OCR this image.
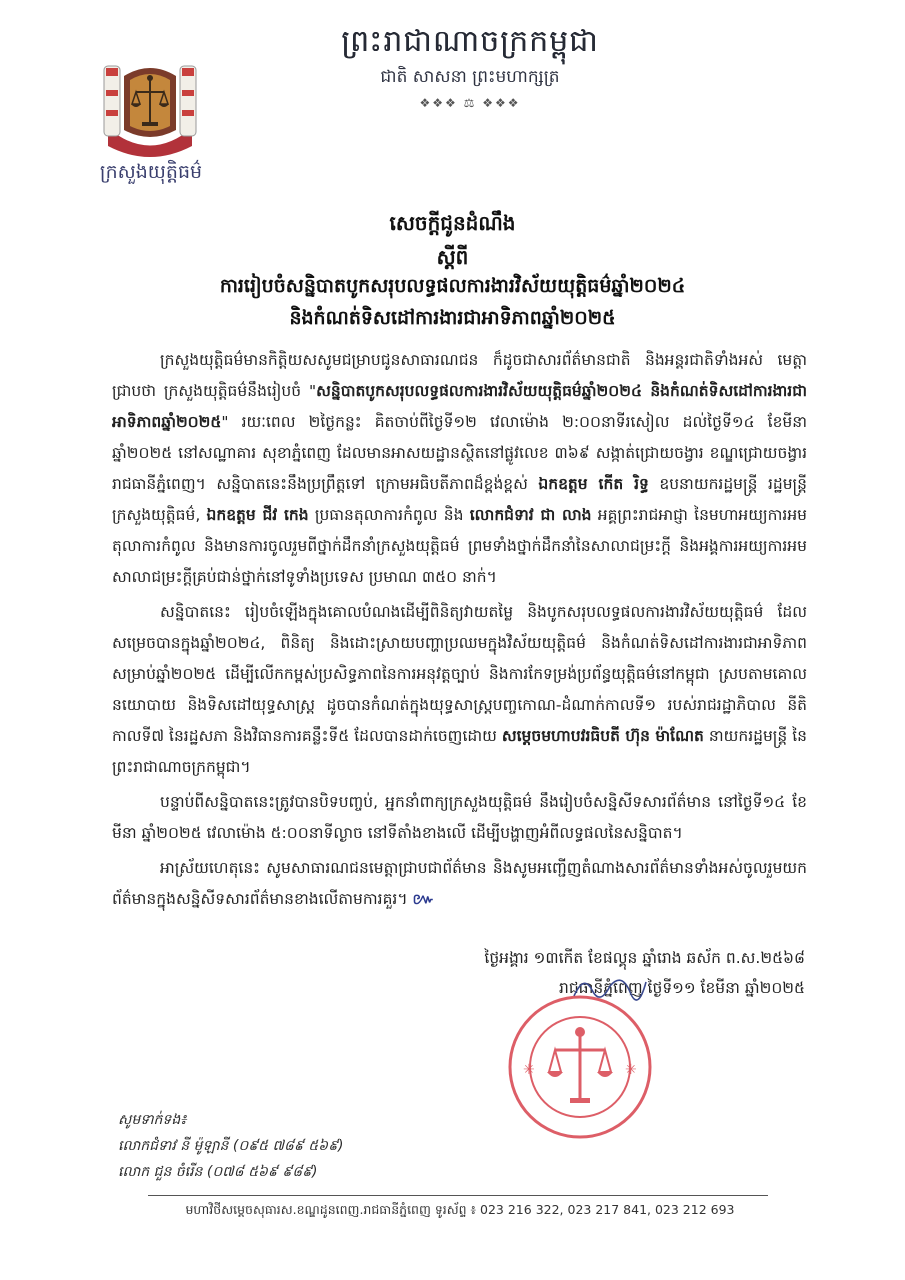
ព្រះរាជាណាចក្រកម្ពុជា
ជាតិ សាសនា ព្រះមហាក្សត្រ
❖❖❖ ⚖ ❖❖❖
ក្រសួងយុត្តិធម៌
សេចក្តីជូនដំណឹង
ស្តីពី
ការរៀបចំសន្និបាតបូកសរុបលទ្ធផលការងារវិស័យយុត្តិធម៌ឆ្នាំ២០២៤
និងកំណត់ទិសដៅការងារជាអាទិភាពឆ្នាំ២០២៥

ក្រសួងយុត្តិធម៌មានកិត្តិយសសូមជម្រាបជូនសាធារណជន ក៏ដូចជាសារព័ត៌មានជាតិ និងអន្តរជាតិទាំងអស់ មេត្តាជ្រាបថា ក្រសួងយុត្តិធម៌នឹងរៀបចំ "សន្និបាតបូកសរុបលទ្ធផលការងារវិស័យយុត្តិធម៌ឆ្នាំ២០២៤ និងកំណត់ទិសដៅការងារជាអាទិភាពឆ្នាំ២០២៥" រយៈពេល ២ថ្ងៃកន្លះ គិតចាប់ពីថ្ងៃទី១២ វេលាម៉ោង ២:០០នាទីរសៀល ដល់ថ្ងៃទី១៤ ខែមីនា ឆ្នាំ២០២៥ នៅសណ្ឋាគារ សុខាភ្នំពេញ ដែលមានអាសយដ្ឋានស្ថិតនៅផ្លូវលេខ ៣៦៩ សង្កាត់ជ្រោយចង្វារ ខណ្ឌជ្រោយចង្វារ រាជធានីភ្នំពេញ។ សន្និបាតនេះនឹងប្រព្រឹត្តទៅ ក្រោមអធិបតីភាពដ៏ខ្ពង់ខ្ពស់ ឯកឧត្តម កើត រិទ្ធ ឧបនាយករដ្ឋមន្ត្រី រដ្ឋមន្ត្រីក្រសួងយុត្តិធម៌, ឯកឧត្តម ជីវ កេង ប្រធានតុលាការកំពូល និង លោកជំទាវ ជា លាង អគ្គព្រះរាជអាជ្ញា នៃមហាអយ្យការអមតុលាការកំពូល និងមានការចូលរួមពីថ្នាក់ដឹកនាំក្រសួងយុត្តិធម៌ ព្រមទាំងថ្នាក់ដឹកនាំនៃសាលាជម្រះក្តី និងអង្គការអយ្យការអមសាលាជម្រះក្តីគ្រប់ជាន់ថ្នាក់នៅទូទាំងប្រទេស ប្រមាណ ៣៥០ នាក់។

សន្និបាតនេះ រៀបចំឡើងក្នុងគោលបំណងដើម្បីពិនិត្យវាយតម្លៃ និងបូកសរុបលទ្ធផលការងារវិស័យយុត្តិធម៌ ដែលសម្រេចបានក្នុងឆ្នាំ២០២៤, ពិនិត្យ និងដោះស្រាយបញ្ហាប្រឈមក្នុងវិស័យយុត្តិធម៌ និងកំណត់ទិសដៅការងារជាអាទិភាពសម្រាប់ឆ្នាំ២០២៥ ដើម្បីលើកកម្ពស់ប្រសិទ្ធភាពនៃការអនុវត្តច្បាប់ និងការកែទម្រង់ប្រព័ន្ធយុត្តិធម៌នៅកម្ពុជា ស្របតាមគោលនយោបាយ និងទិសដៅយុទ្ធសាស្ត្រ ដូចបានកំណត់ក្នុងយុទ្ធសាស្ត្របញ្ចកោណ-ដំណាក់កាលទី១ របស់រាជរដ្ឋាភិបាល នីតិកាលទី៧ នៃរដ្ឋសភា និងវិធានការគន្លឹះទី៥ ដែលបានដាក់ចេញដោយ សម្តេចមហាបវរធិបតី ហ៊ុន ម៉ាណែត នាយករដ្ឋមន្ត្រី នៃព្រះរាជាណាចក្រកម្ពុជា។

បន្ទាប់ពីសន្និបាតនេះត្រូវបានបិទបញ្ចប់, អ្នកនាំពាក្យក្រសួងយុត្តិធម៌ នឹងរៀបចំសន្និសីទសារព័ត៌មាន នៅថ្ងៃទី១៤ ខែមីនា ឆ្នាំ២០២៥ វេលាម៉ោង ៥:០០នាទីល្ងាច នៅទីតាំងខាងលើ ដើម្បីបង្ហាញអំពីលទ្ធផលនៃសន្និបាត។

អាស្រ័យហេតុនេះ សូមសាធារណជនមេត្តាជ្រាបជាព័ត៌មាន និងសូមអញ្ជើញតំណាងសារព័ត៌មានទាំងអស់ចូលរួមយកព័ត៌មានក្នុងសន្និសីទសារព័ត៌មានខាងលើតាមការគួរ។ ៚

ថ្ងៃអង្គារ ១៣កើត ខែផល្គុន ឆ្នាំរោង ឆស័ក ព.ស.២៥៦៨
រាជធានីភ្នំពេញ ថ្ងៃទី១១ ខែមីនា ឆ្នាំ២០២៥
✳	✳
សូមទាក់ទង៖
លោកជំទាវ នី ម៉ូឡានី (០៩៥ ៧៨៩ ៥៦៩)
លោក ជួន ចំរើន (០៧៨ ៥៦៩ ៩៨៩)
មហាវិថីសម្តេចសុធារស.ខណ្ឌដូនពេញ.រាជធានីភ្នំពេញ ទូរស័ព្ទ ៖ 023 216 322, 023 217 841, 023 212 693
